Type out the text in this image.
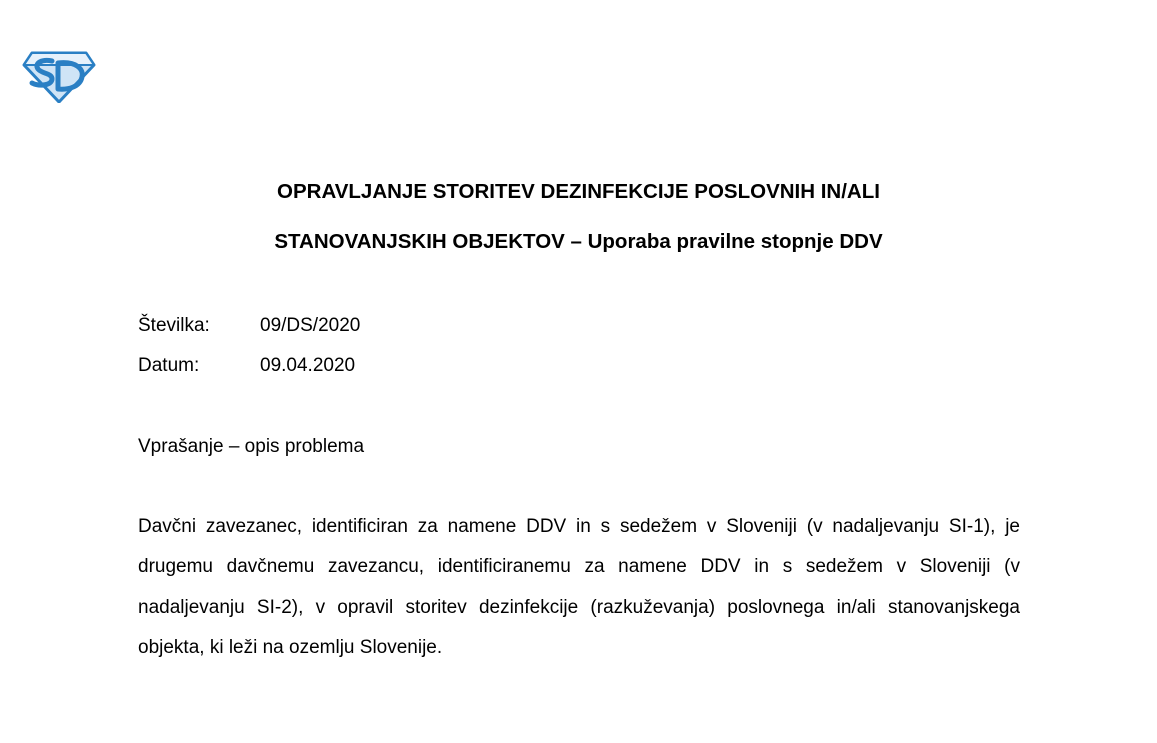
OPRAVLJANJE STORITEV DEZINFEKCIJE POSLOVNIH IN/ALI
STANOVANJSKIH OBJEKTOV – Uporaba pravilne stopnje DDV
Številka:	09/DS/2020
Datum:	09.04.2020
Vprašanje – opis problema

Davčni zavezanec, identificiran za namene DDV in s sedežem v Sloveniji (v nadaljevanju SI-1), je drugemu davčnemu zavezancu, identificiranemu za namene DDV in s sedežem v Sloveniji (v nadaljevanju SI-2), v opravil storitev dezinfekcije (razkuževanja) poslovnega in/ali stanovanjskega objekta, ki leži na ozemlju Slovenije.
